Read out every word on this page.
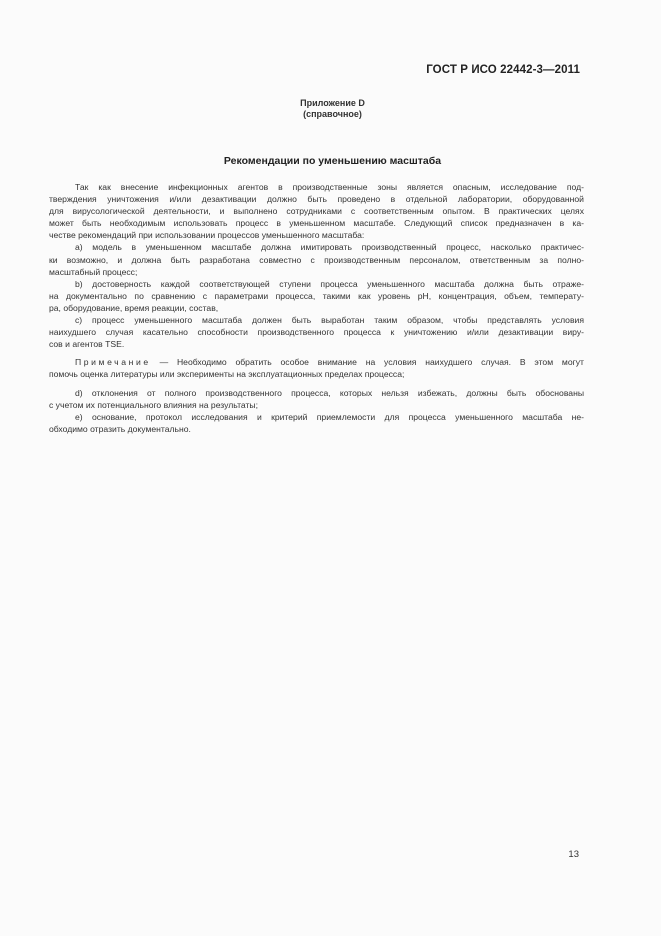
ГОСТ Р ИСО 22442-3—2011
Приложение D
(справочное)
Рекомендации по уменьшению масштаба
Так как внесение инфекционных агентов в производственные зоны является опасным, исследование под-
тверждения уничтожения и/или дезактивации должно быть проведено в отдельной лаборатории, оборудованной
для вирусологической деятельности, и выполнено сотрудниками с соответственным опытом. В практических целях
может быть необходимым использовать процесс в уменьшенном масштабе. Следующий список предназначен в ка-
честве рекомендаций при использовании процессов уменьшенного масштаба:
a) модель в уменьшенном масштабе должна имитировать производственный процесс, насколько практичес-
ки возможно, и должна быть разработана совместно с производственным персоналом, ответственным за полно-
масштабный процесс;
b) достоверность каждой соответствующей ступени процесса уменьшенного масштаба должна быть отраже-
на документально по сравнению с параметрами процесса, такими как уровень pH, концентрация, объем, температу-
ра, оборудование, время реакции, состав,
c) процесс уменьшенного масштаба должен быть выработан таким образом, чтобы представлять условия
наихудшего случая касательно способности производственного процесса к уничтожению и/или дезактивации виру-
сов и агентов TSE.
Примечание — Необходимо обратить особое внимание на условия наихудшего случая. В этом могут
помочь оценка литературы или эксперименты на эксплуатационных пределах процесса;
d) отклонения от полного производственного процесса, которых нельзя избежать, должны быть обоснованы
с учетом их потенциального влияния на результаты;
e) основание, протокол исследования и критерий приемлемости для процесса уменьшенного масштаба не-
обходимо отразить документально.
13
